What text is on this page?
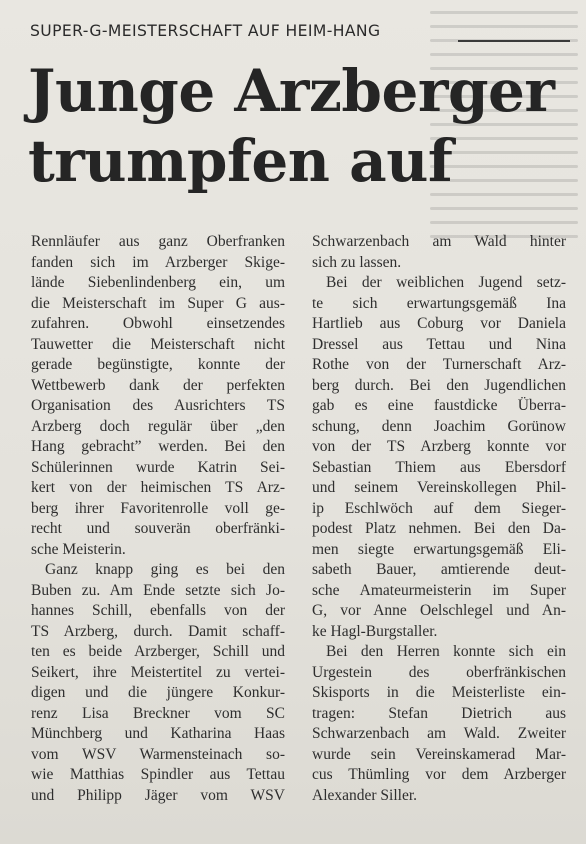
SUPER-G-MEISTERSCHAFT AUF HEIM-HANG
Junge Arzberger
trumpfen auf
Rennläufer aus ganz Oberfranken
fanden sich im Arzberger Skige-
lände Siebenlindenberg ein, um
die Meisterschaft im Super G aus-
zufahren. Obwohl einsetzendes
Tauwetter die Meisterschaft nicht
gerade begünstigte, konnte der
Wettbewerb dank der perfekten
Organisation des Ausrichters TS
Arzberg doch regulär über „den
Hang gebracht” werden. Bei den
Schülerinnen wurde Katrin Sei-
kert von der heimischen TS Arz-
berg ihrer Favoritenrolle voll ge-
recht und souverän oberfränki-
sche Meisterin.
Ganz knapp ging es bei den
Buben zu. Am Ende setzte sich Jo-
hannes Schill, ebenfalls von der
TS Arzberg, durch. Damit schaff-
ten es beide Arzberger, Schill und
Seikert, ihre Meistertitel zu vertei-
digen und die jüngere Konkur-
renz Lisa Breckner vom SC
Münchberg und Katharina Haas
vom WSV Warmensteinach so-
wie Matthias Spindler aus Tettau
und Philipp Jäger vom WSV
Schwarzenbach am Wald hinter
sich zu lassen.
Bei der weiblichen Jugend setz-
te sich erwartungsgemäß Ina
Hartlieb aus Coburg vor Daniela
Dressel aus Tettau und Nina
Rothe von der Turnerschaft Arz-
berg durch. Bei den Jugendlichen
gab es eine faustdicke Überra-
schung, denn Joachim Gorünow
von der TS Arzberg konnte vor
Sebastian Thiem aus Ebersdorf
und seinem Vereinskollegen Phil-
ip Eschlwöch auf dem Sieger-
podest Platz nehmen. Bei den Da-
men siegte erwartungsgemäß Eli-
sabeth Bauer, amtierende deut-
sche Amateurmeisterin im Super
G, vor Anne Oelschlegel und An-
ke Hagl-Burgstaller.
Bei den Herren konnte sich ein
Urgestein des oberfränkischen
Skisports in die Meisterliste ein-
tragen: Stefan Dietrich aus
Schwarzenbach am Wald. Zweiter
wurde sein Vereinskamerad Mar-
cus Thümling vor dem Arzberger
Alexander Siller.
